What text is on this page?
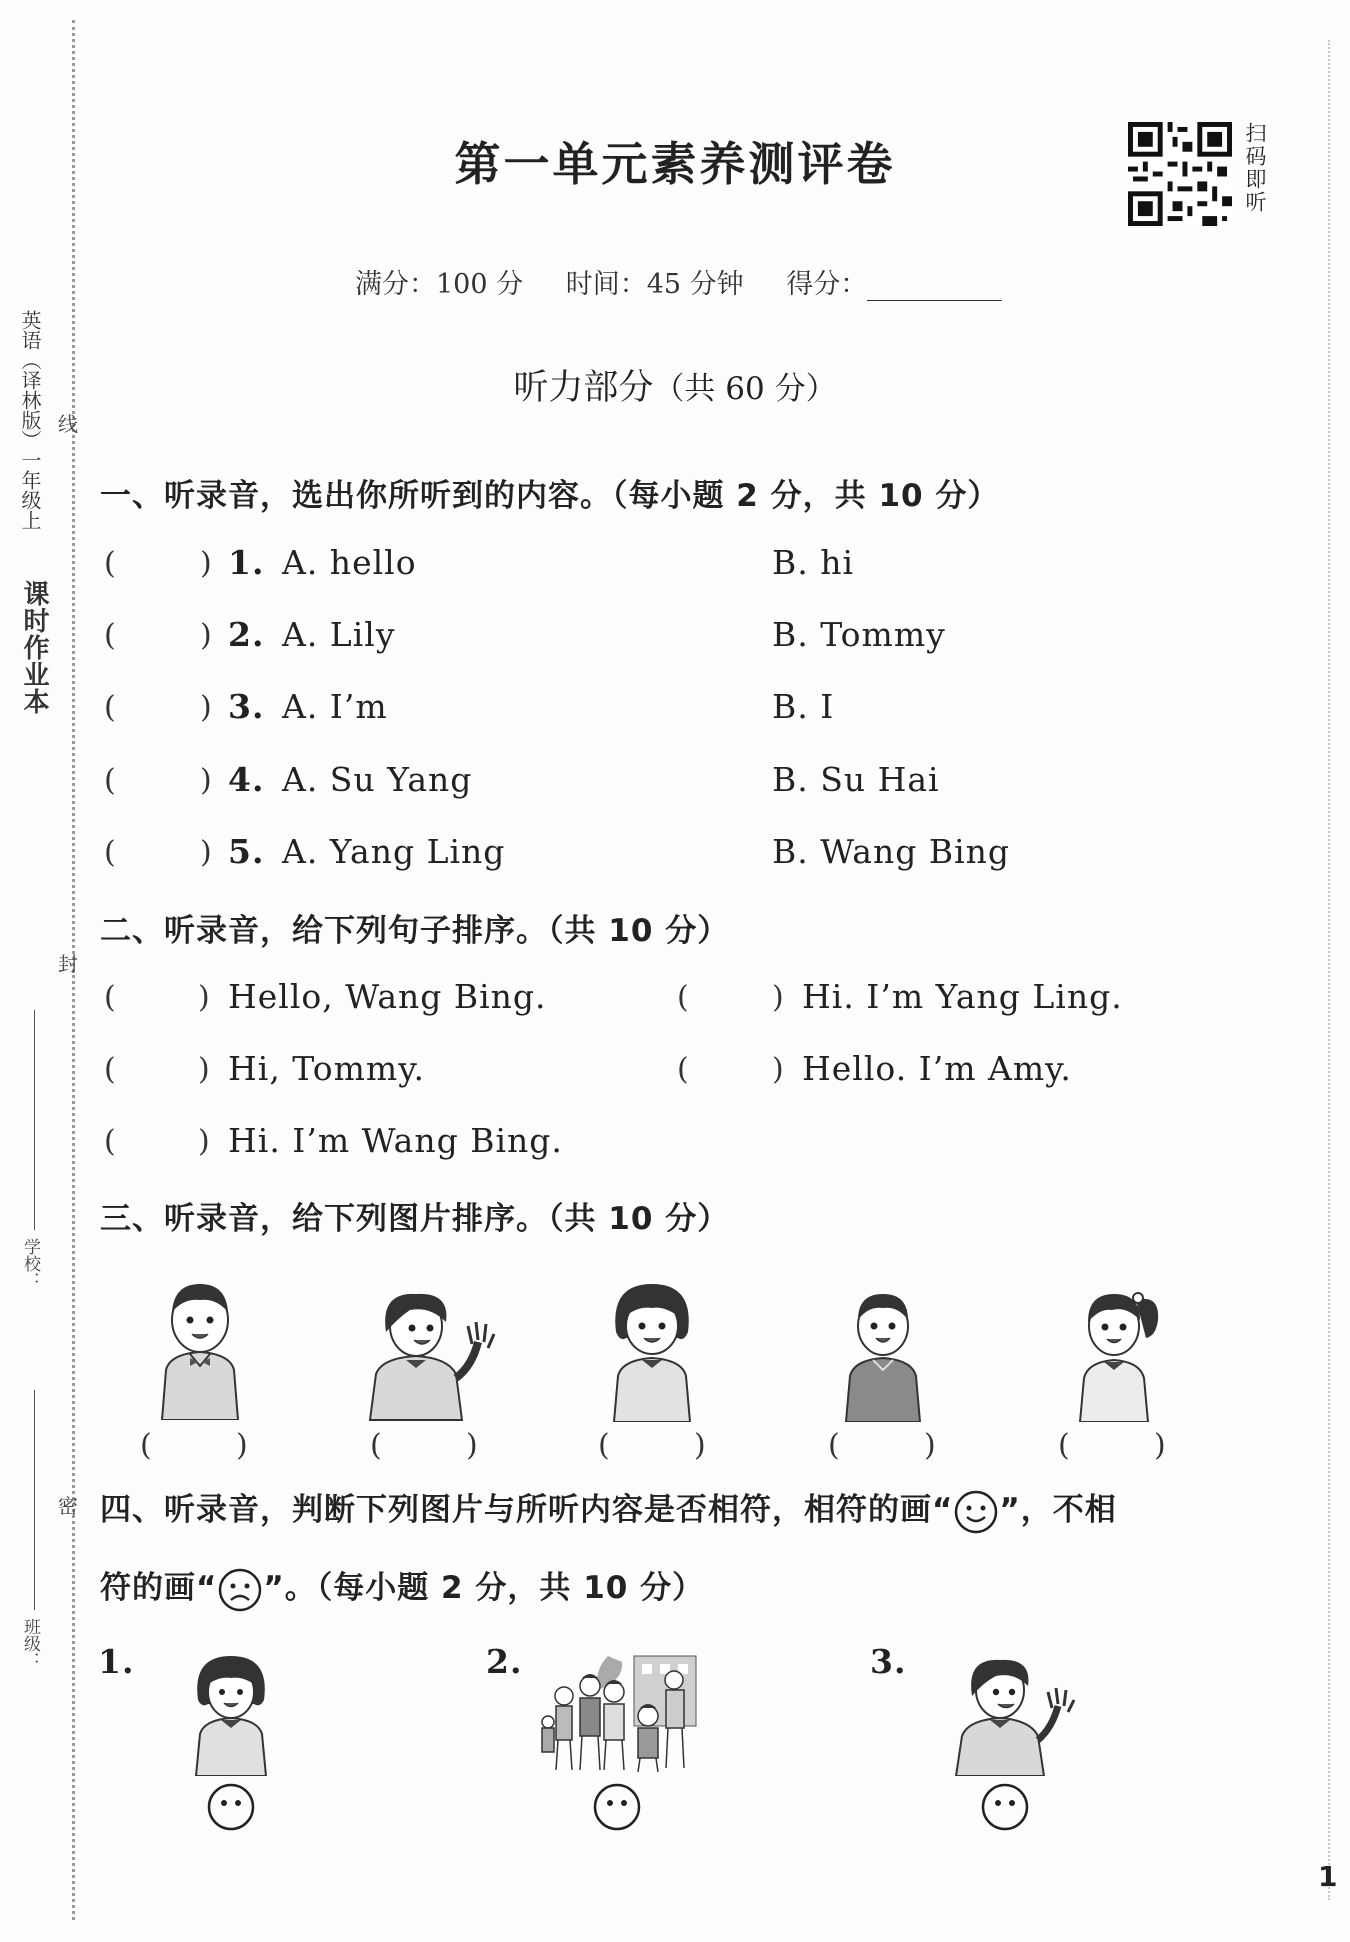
课时作业本
英语（译林版）一年级上 线
封
密
学校：
班级：
第一单元素养测评卷	扫码即听
满分：100 分 时间：45 分钟 得分：
听力部分（共 60 分）
一、听录音，选出你所听到的内容。（每小题 2 分，共 10 分）
(	) 1. A. hello	B. hi
(	) 2. A. Lily	B. Tommy
(	) 3. A. I’m	B. I
(	) 4. A. Su Yang	B. Su Hai
(	) 5. A. Yang Ling	B. Wang Bing
二、听录音，给下列句子排序。（共 10 分）
(	) Hello, Wang Bing.	(	) Hi. I’m Yang Ling.
(	) Hi, Tommy.	(	) Hello. I’m Amy.
(	) Hi. I’m Wang Bing.
三、听录音，给下列图片排序。（共 10 分）
(	)	(	)	(	)	(	)	(	)
四、听录音，判断下列图片与所听内容是否相符，相符的画“ ”，不相
符的画“ ”。（每小题 2 分，共 10 分）
1.	2.	3.
1
